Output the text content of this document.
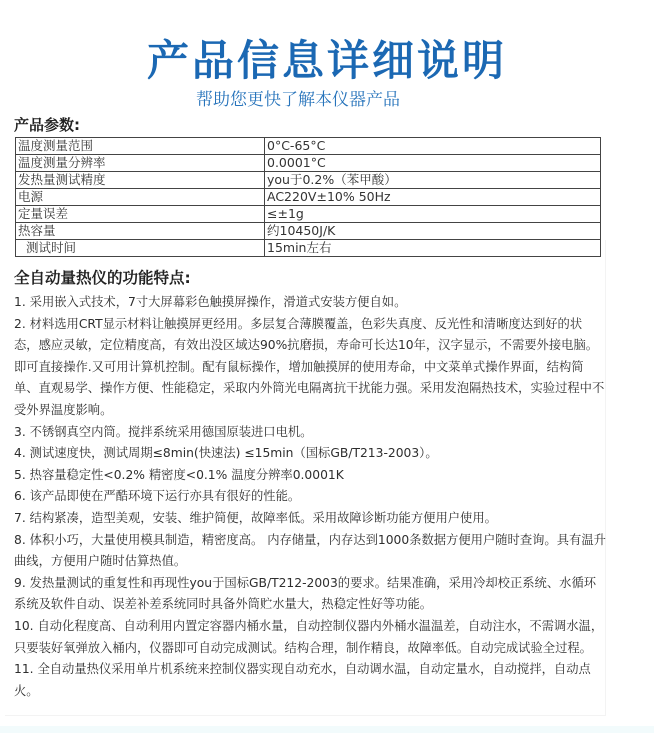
产品信息详细说明
帮助您更快了解本仪器产品
产品参数:
温度测量范围	0°C-65°C
温度测量分辨率	0.0001°C
发热量测试精度	you于0.2%（苯甲酸）
电源	AC220V±10% 50Hz
定量误差	≤±1g
热容量	约10450J/K
测试时间	15min左右
全自动量热仪的功能特点:

1. 采用嵌入式技术，7寸大屏幕彩色触摸屏操作，滑道式安装方便自如。

2. 材料选用CRT显示材料让触摸屏更经用。多层复合薄膜覆盖，色彩失真度、反光性和清晰度达到好的状态，感应灵敏，定位精度高，有效出没区域达90%抗磨损，寿命可长达10年，汉字显示，不需要外接电脑。即可直接操作.又可用计算机控制。配有鼠标操作，增加触摸屏的使用寿命，中文菜单式操作界面，结构简单、直观易学、操作方便、性能稳定，采取内外筒光电隔离抗干扰能力强。采用发泡隔热技术，实验过程中不受外界温度影响。

3. 不锈钢真空内筒。搅拌系统采用德国原装进口电机。

4. 测试速度快，测试周期≤8min(快速法) ≤15min（国标GB/T213-2003）。

5. 热容量稳定性<0.2% 精密度<0.1% 温度分辨率0.0001K

6. 该产品即使在严酷环境下运行亦具有很好的性能。

7. 结构紧凑，造型美观，安装、维护简便，故障率低。采用故障诊断功能方便用户使用。

8. 体积小巧，大量使用模具制造，精密度高。 内存储量，内存达到1000条数据方便用户随时查询。具有温升曲线，方便用户随时估算热值。

9. 发热量测试的重复性和再现性you于国标GB/T212-2003的要求。结果准确，采用冷却校正系统、水循环系统及软件自动、误差补差系统同时具备外筒贮水量大，热稳定性好等功能。

10. 自动化程度高、自动利用内置定容器内桶水量，自动控制仪器内外桶水温温差，自动注水，不需调水温，只要装好氧弹放入桶内，仪器即可自动完成测试。结构合理，制作精良，故障率低。自动完成试验全过程。

11. 全自动量热仪采用单片机系统来控制仪器实现自动充水，自动调水温，自动定量水，自动搅拌，自动点火。
